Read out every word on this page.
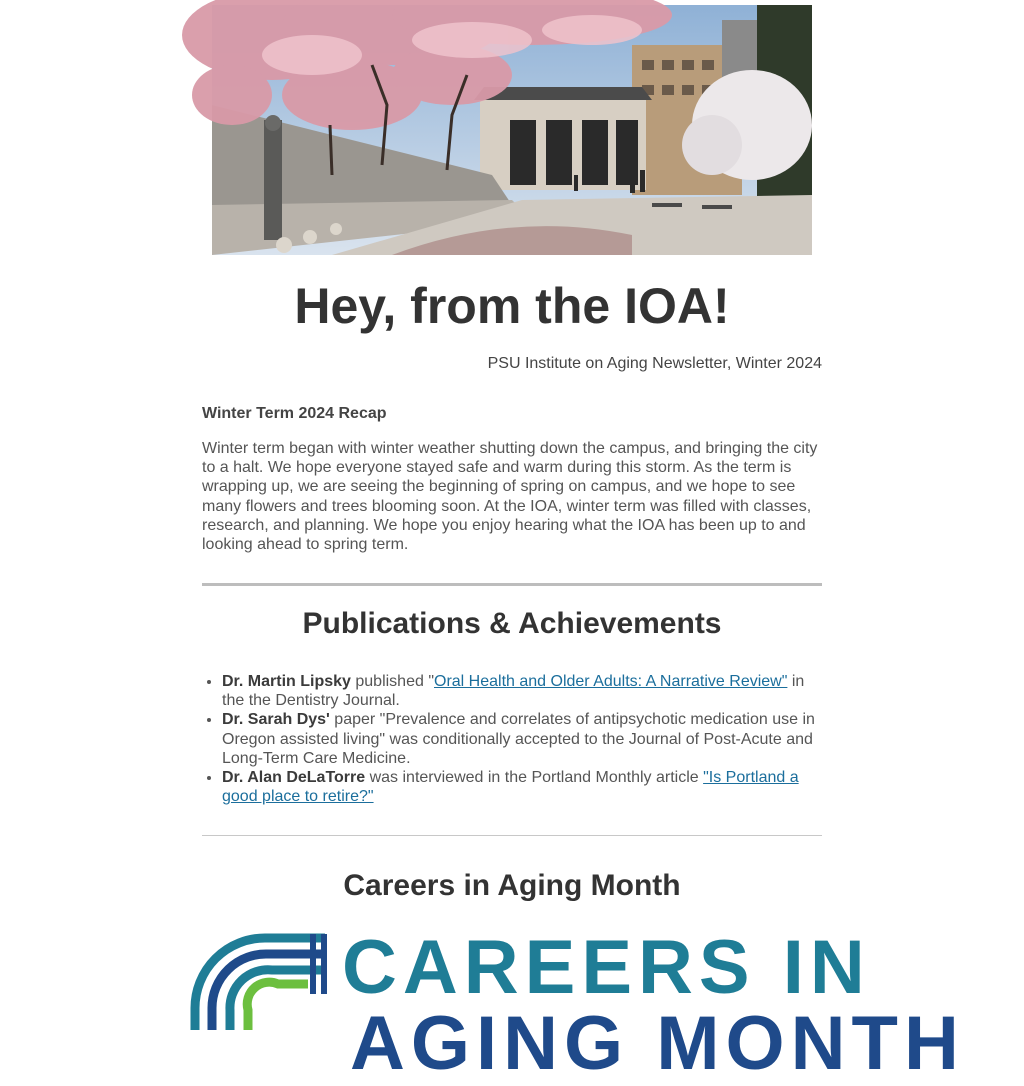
Hey, from the IOA!
PSU Institute on Aging Newsletter, Winter 2024
Winter Term 2024 Recap

Winter term began with winter weather shutting down the campus, and bringing the city to a halt. We hope everyone stayed safe and warm during this storm. As the term is wrapping up, we are seeing the beginning of spring on campus, and we hope to see many flowers and trees blooming soon. At the IOA, winter term was filled with classes, research, and planning. We hope you enjoy hearing what the IOA has been up to and looking ahead to spring term.

Publications & Achievements
• Dr. Martin Lipsky published "Oral Health and Older Adults: A Narrative Review" in the the Dentistry Journal.
• Dr. Sarah Dys' paper "Prevalence and correlates of antipsychotic medication use in Oregon assisted living" was conditionally accepted to the Journal of Post-Acute and Long-Term Care Medicine.
• Dr. Alan DeLaTorre was interviewed in the Portland Monthly article "Is Portland a good place to retire?"
Careers in Aging Month
CAREERS IN
AGING MONTH
